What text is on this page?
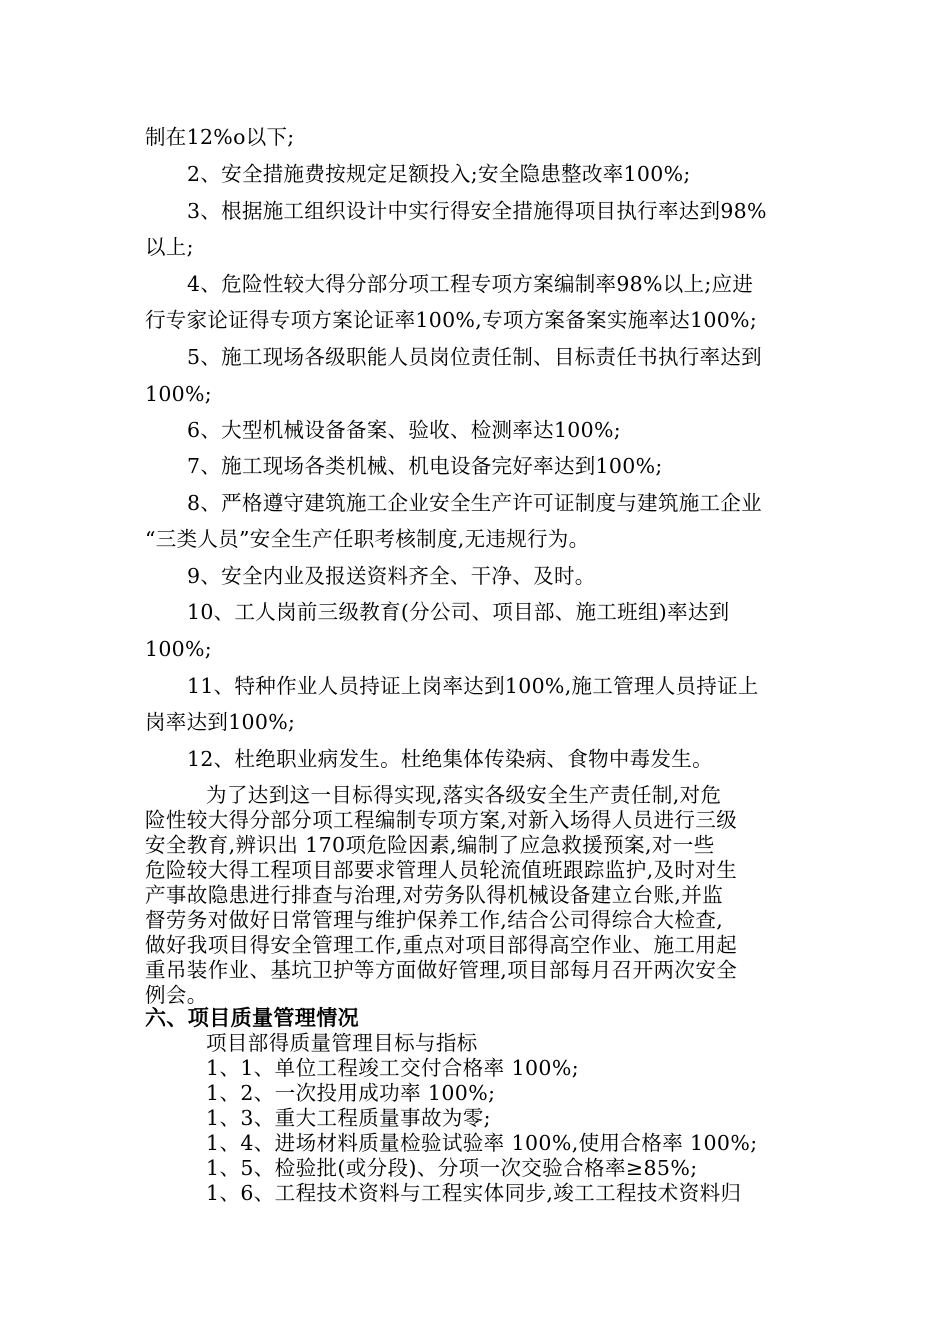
制在12%o以下;

2、安全措施费按规定足额投入;安全隐患整改率100%;

3、根据施工组织设计中实行得安全措施得项目执行率达到98%

以上;

4、危险性较大得分部分项工程专项方案编制率98%以上;应进

行专家论证得专项方案论证率100%,专项方案备案实施率达100%;

5、施工现场各级职能人员岗位责任制、目标责任书执行率达到

100%;

6、大型机械设备备案、验收、检测率达100%;

7、施工现场各类机械、机电设备完好率达到100%;

8、严格遵守建筑施工企业安全生产许可证制度与建筑施工企业

“三类人员”安全生产任职考核制度,无违规行为。

9、安全内业及报送资料齐全、干净、及时。

10、工人岗前三级教育(分公司、项目部、施工班组)率达到

100%;

11、特种作业人员持证上岗率达到100%,施工管理人员持证上

岗率达到100%;

12、杜绝职业病发生。杜绝集体传染病、食物中毒发生。

为了达到这一目标得实现,落实各级安全生产责任制,对危

险性较大得分部分项工程编制专项方案,对新入场得人员进行三级

安全教育,辨识出 170项危险因素,编制了应急救援预案,对一些

危险较大得工程项目部要求管理人员轮流值班跟踪监护,及时对生

产事故隐患进行排查与治理,对劳务队得机械设备建立台账,并监

督劳务对做好日常管理与维护保养工作,结合公司得综合大检查,

做好我项目得安全管理工作,重点对项目部得高空作业、施工用起

重吊装作业、基坑卫护等方面做好管理,项目部每月召开两次安全

例会。

六、项目质量管理情况

项目部得质量管理目标与指标

1、1、单位工程竣工交付合格率 100%;

1、2、一次投用成功率 100%;

1、3、重大工程质量事故为零;

1、4、进场材料质量检验试验率 100%,使用合格率 100%;

1、5、检验批(或分段)、分项一次交验合格率≥85%;

1、6、工程技术资料与工程实体同步,竣工工程技术资料归
